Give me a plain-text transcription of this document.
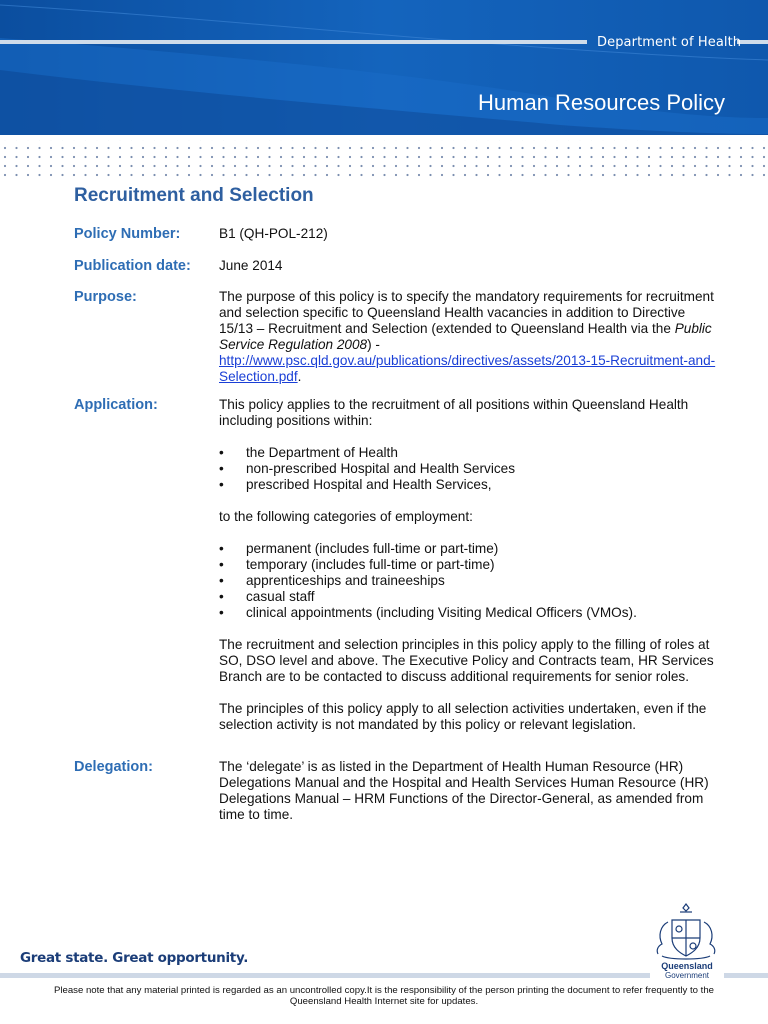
Department of Health
Human Resources Policy
Recruitment and Selection
Policy Number:	B1 (QH-POL-212)
Publication date:	June 2014
Purpose:	The purpose of this policy is to specify the mandatory requirements for recruitment and selection specific to Queensland Health vacancies in addition to Directive 15/13 – Recruitment and Selection (extended to Queensland Health via the Public Service Regulation 2008) - http://www.psc.qld.gov.au/publications/directives/assets/2013-15-Recruitment-and-Selection.pdf.
Application:	This policy applies to the recruitment of all positions within Queensland Health including positions within:

• the Department of Health
• non-prescribed Hospital and Health Services
• prescribed Hospital and Health Services,

to the following categories of employment:

• permanent (includes full-time or part-time)
• temporary (includes full-time or part-time)
• apprenticeships and traineeships
• casual staff
• clinical appointments (including Visiting Medical Officers (VMOs).

The recruitment and selection principles in this policy apply to the filling of roles at SO, DSO level and above. The Executive Policy and Contracts team, HR Services Branch are to be contacted to discuss additional requirements for senior roles.

The principles of this policy apply to all selection activities undertaken, even if the selection activity is not mandated by this policy or relevant legislation.

Delegation:	The ‘delegate’ is as listed in the Department of Health Human Resource (HR) Delegations Manual and the Hospital and Health Services Human Resource (HR) Delegations Manual – HRM Functions of the Director-General, as amended from time to time.
Great state. Great opportunity.	Queensland
Government
Please note that any material printed is regarded as an uncontrolled copy.It is the responsibility of the person printing the document to refer frequently to the Queensland Health Internet site for updates.
